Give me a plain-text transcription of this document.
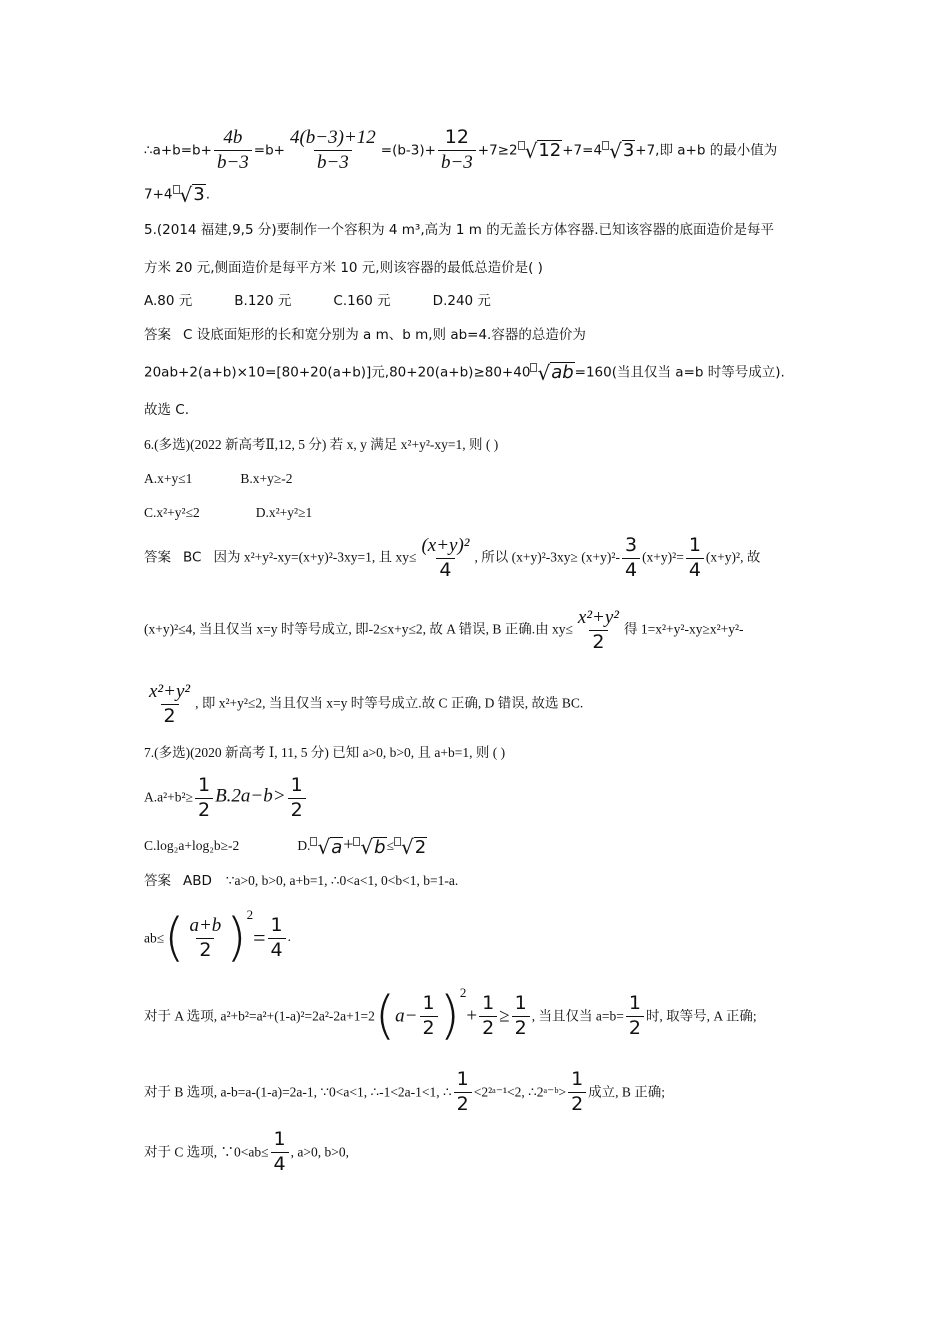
∴a+b=b+ $\frac{4b}{b-3} =b+ \frac{4(b-3)+12}{b-3} =(b-3)+ \frac{12}{b-3} +7\ge 2$ √ 12 +7=4 √ 3 +7,即 a+b 的最小值为
7+4 √ 3 .
5.(2014 福建,9,5 分)要制作一个容积为 4 m³,高为 1 m 的无盖长方体容器.已知该容器的底面造价是每平
方米 20 元,侧面造价是每平方米 10 元,则该容器的最低总造价是( )
A.80 元	B.120 元	C.160 元	D.240 元
答案 C 设底面矩形的长和宽分别为 a m、b m,则 ab=4.容器的总造价为
20ab+2(a+b)×10=[80+20(a+b)]元,80+20(a+b)≥80+40 √ ab =160(当且仅当 a=b 时等号成立).
故选 C.
6.(多选)(2022 新高考Ⅱ,12, 5 分) 若 x, y 满足 x²+y²-xy=1, 则 ( )
A.x+y≤1	B.x+y≥-2
C.x²+y²≤2	D.x²+y²≥1
答案 BC 因为 x²+y²-xy=(x+y)²-3xy=1, 且 $xy\le \frac{\text{(x+y)²}}{4}$ , 所以 $(x+y)^2-3xy\ge (x+y)^2- \frac{3}{4} (x+y)^2= \frac{1}{4} (x+y)^2$, 故
(x+y)²≤4, 当且仅当 x=y 时等号成立, 即-2≤x+y≤2, 故 A 错误, B 正确.由 $xy\le \frac{\text{x²+y²}}{2}$ 得 1=x²+y²-xy≥x²+y²-
$\frac{\text{x²+y²}}{2}$ , 即 x²+y²≤2, 当且仅当 x=y 时等号成立.故 C 正确, D 错误, 故选 BC.
7.(多选)(2020 新高考 Ⅰ, 11, 5 分) 已知 a>0, b>0, 且 a+b=1, 则 ( )
$A.a^2+b^2\ge \frac{1}{2} B.2a-b> \frac{1}{2}$
C.log₂a+log₂b≥-2	D. √ a + √ b ≤ √ 2
答案 ABD ∵a>0, b>0, a+b=1, ∴0<a<1, 0<b<1, b=1-a.
$ab\le( \frac{a+b}{2} )^2= \frac{1}{4}$ .
对于 A 选项, $a^2+b^2=a^2+(1-a)^2=2a^2-2a+1=2(a- \frac{1}{2} )^2+ \frac{1}{2} \ge \frac{1}{2}$ , 当且仅当 $a=b= \frac{1}{2}$ 时, 取等号, A 正确;
对于 B 选项, a-b=a-(1-a)=2a-1, ∵0<a<1, ∴-1<2a-1<1, ∴ $\frac{1}{2}$ <2²ᵃ⁻¹<2, ∴2ᵃ⁻ᵇ> $\frac{1}{2}$ 成立, B 正确;
对于 C 选项, ∵0<ab≤ $\frac{1}{4}$ , a>0, b>0,
